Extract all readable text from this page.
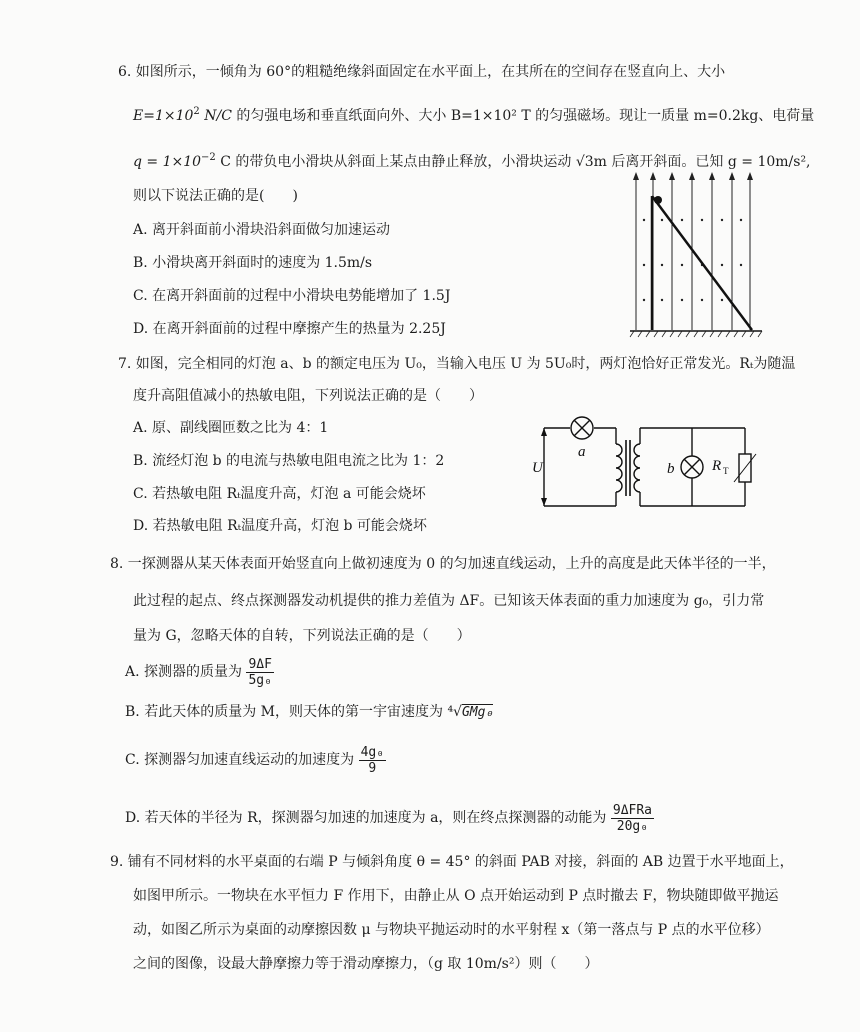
6. 如图所示，一倾角为 60°的粗糙绝缘斜面固定在水平面上，在其所在的空间存在竖直向上、大小
$E=1\times 10^2$ N/C 的匀强电场和垂直纸面向外、大小 B=1×10² T 的匀强磁场。现让一质量 m=0.2kg、电荷量
$q = 1\times 10^{-2}$ C 的带负电小滑块从斜面上某点由静止释放，小滑块运动 √3m 后离开斜面。已知 g = 10m/s²,
则以下说法正确的是(　　)
A. 离开斜面前小滑块沿斜面做匀加速运动
B. 小滑块离开斜面时的速度为 1.5m/s
C. 在离开斜面前的过程中小滑块电势能增加了 1.5J
D. 在离开斜面前的过程中摩擦产生的热量为 2.25J
7. 如图，完全相同的灯泡 a、b 的额定电压为 U₀，当输入电压 U 为 5U₀时，两灯泡恰好正常发光。Rₜ为随温
度升高阻值减小的热敏电阻，下列说法正确的是（　　）
A. 原、副线圈匝数之比为 4：1
B. 流经灯泡 b 的电流与热敏电阻电流之比为 1：2
C. 若热敏电阻 Rₜ温度升高，灯泡 a 可能会烧坏
D. 若热敏电阻 Rₜ温度升高，灯泡 b 可能会烧坏
U
a
b	R T
8. 一探测器从某天体表面开始竖直向上做初速度为 0 的匀加速直线运动，上升的高度是此天体半径的一半，
此过程的起点、终点探测器发动机提供的推力差值为 ΔF。已知该天体表面的重力加速度为 g₀，引力常
量为 G，忽略天体的自转，下列说法正确的是（　　）
A. 探测器的质量为 $\frac{9\Delta F}{\text{5g₀}}$
B. 若此天体的质量为 M，则天体的第一宇宙速度为 ⁴√GMg₀
C. 探测器匀加速直线运动的加速度为 $\frac{\text{4g₀}}{9}$
D. 若天体的半径为 R，探测器匀加速的加速度为 a，则在终点探测器的动能为 $\frac{\text{9ΔFRa}}{\text{20g₀}}$
9. 铺有不同材料的水平桌面的右端 P 与倾斜角度 θ = 45° 的斜面 PAB 对接，斜面的 AB 边置于水平地面上，
如图甲所示。一物块在水平恒力 F 作用下，由静止从 O 点开始运动到 P 点时撤去 F，物块随即做平抛运
动，如图乙所示为桌面的动摩擦因数 μ 与物块平抛运动时的水平射程 x（第一落点与 P 点的水平位移）
之间的图像，设最大静摩擦力等于滑动摩擦力，（g 取 10m/s²）则（　　）
